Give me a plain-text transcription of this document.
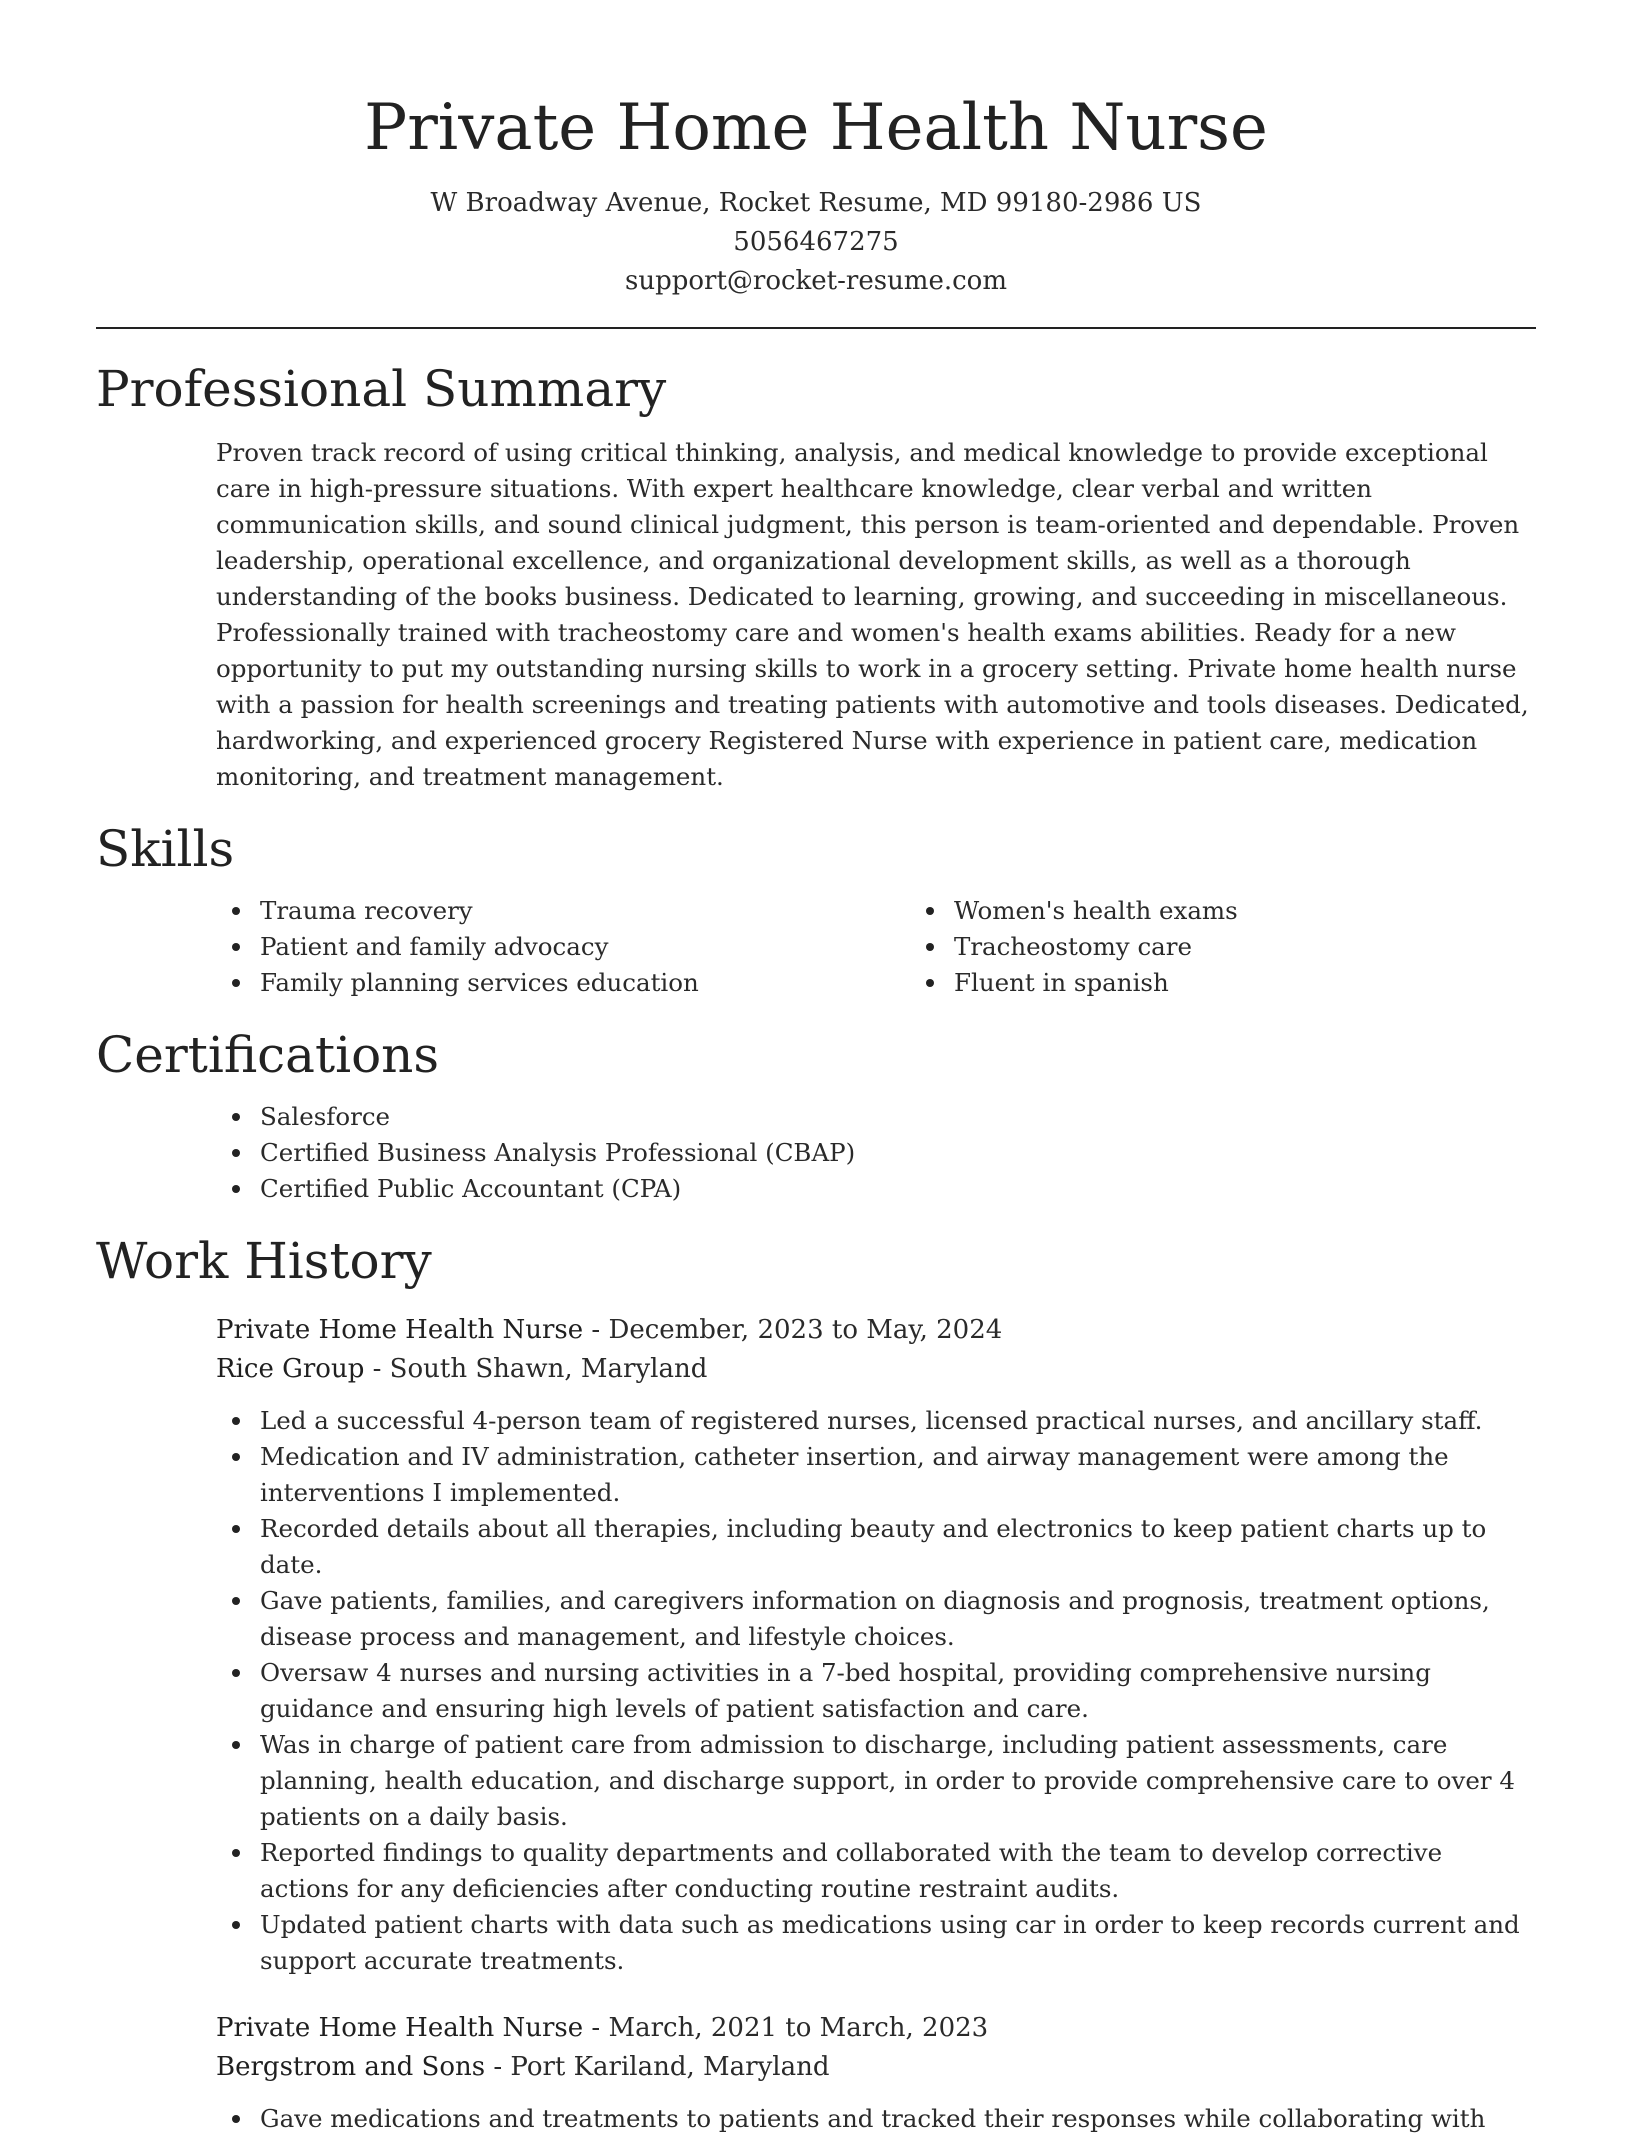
Private Home Health Nurse
W Broadway Avenue, Rocket Resume, MD 99180-2986 US
5056467275
support@rocket-resume.com
Professional Summary

Proven track record of using critical thinking, analysis, and medical knowledge to provide exceptional care in high-pressure situations. With expert healthcare knowledge, clear verbal and written communication skills, and sound clinical judgment, this person is team-oriented and dependable. Proven leadership, operational excellence, and organizational development skills, as well as a thorough understanding of the books business. Dedicated to learning, growing, and succeeding in miscellaneous. Professionally trained with tracheostomy care and women's health exams abilities. Ready for a new opportunity to put my outstanding nursing skills to work in a grocery setting. Private home health nurse with a passion for health screenings and treating patients with automotive and tools diseases. Dedicated, hardworking, and experienced grocery Registered Nurse with experience in patient care, medication monitoring, and treatment management.

Skills
Trauma recovery
Patient and family advocacy
Family planning services education
Women's health exams
Tracheostomy care
Fluent in spanish
Certifications
Salesforce
Certified Business Analysis Professional (CBAP)
Certified Public Accountant (CPA)
Work History
Private Home Health Nurse - December, 2023 to May, 2024
Rice Group - South Shawn, Maryland
Led a successful 4-person team of registered nurses, licensed practical nurses, and ancillary staff.
Medication and IV administration, catheter insertion, and airway management were among the interventions I implemented.
Recorded details about all therapies, including beauty and electronics to keep patient charts up to date.
Gave patients, families, and caregivers information on diagnosis and prognosis, treatment options, disease process and management, and lifestyle choices.
Oversaw 4 nurses and nursing activities in a 7-bed hospital, providing comprehensive nursing guidance and ensuring high levels of patient satisfaction and care.
Was in charge of patient care from admission to discharge, including patient assessments, care planning, health education, and discharge support, in order to provide comprehensive care to over 4 patients on a daily basis.
Reported findings to quality departments and collaborated with the team to develop corrective actions for any deficiencies after conducting routine restraint audits.
Updated patient charts with data such as medications using car in order to keep records current and support accurate treatments.
Private Home Health Nurse - March, 2021 to March, 2023
Bergstrom and Sons - Port Kariland, Maryland
Gave medications and treatments to patients and tracked their responses while collaborating with
